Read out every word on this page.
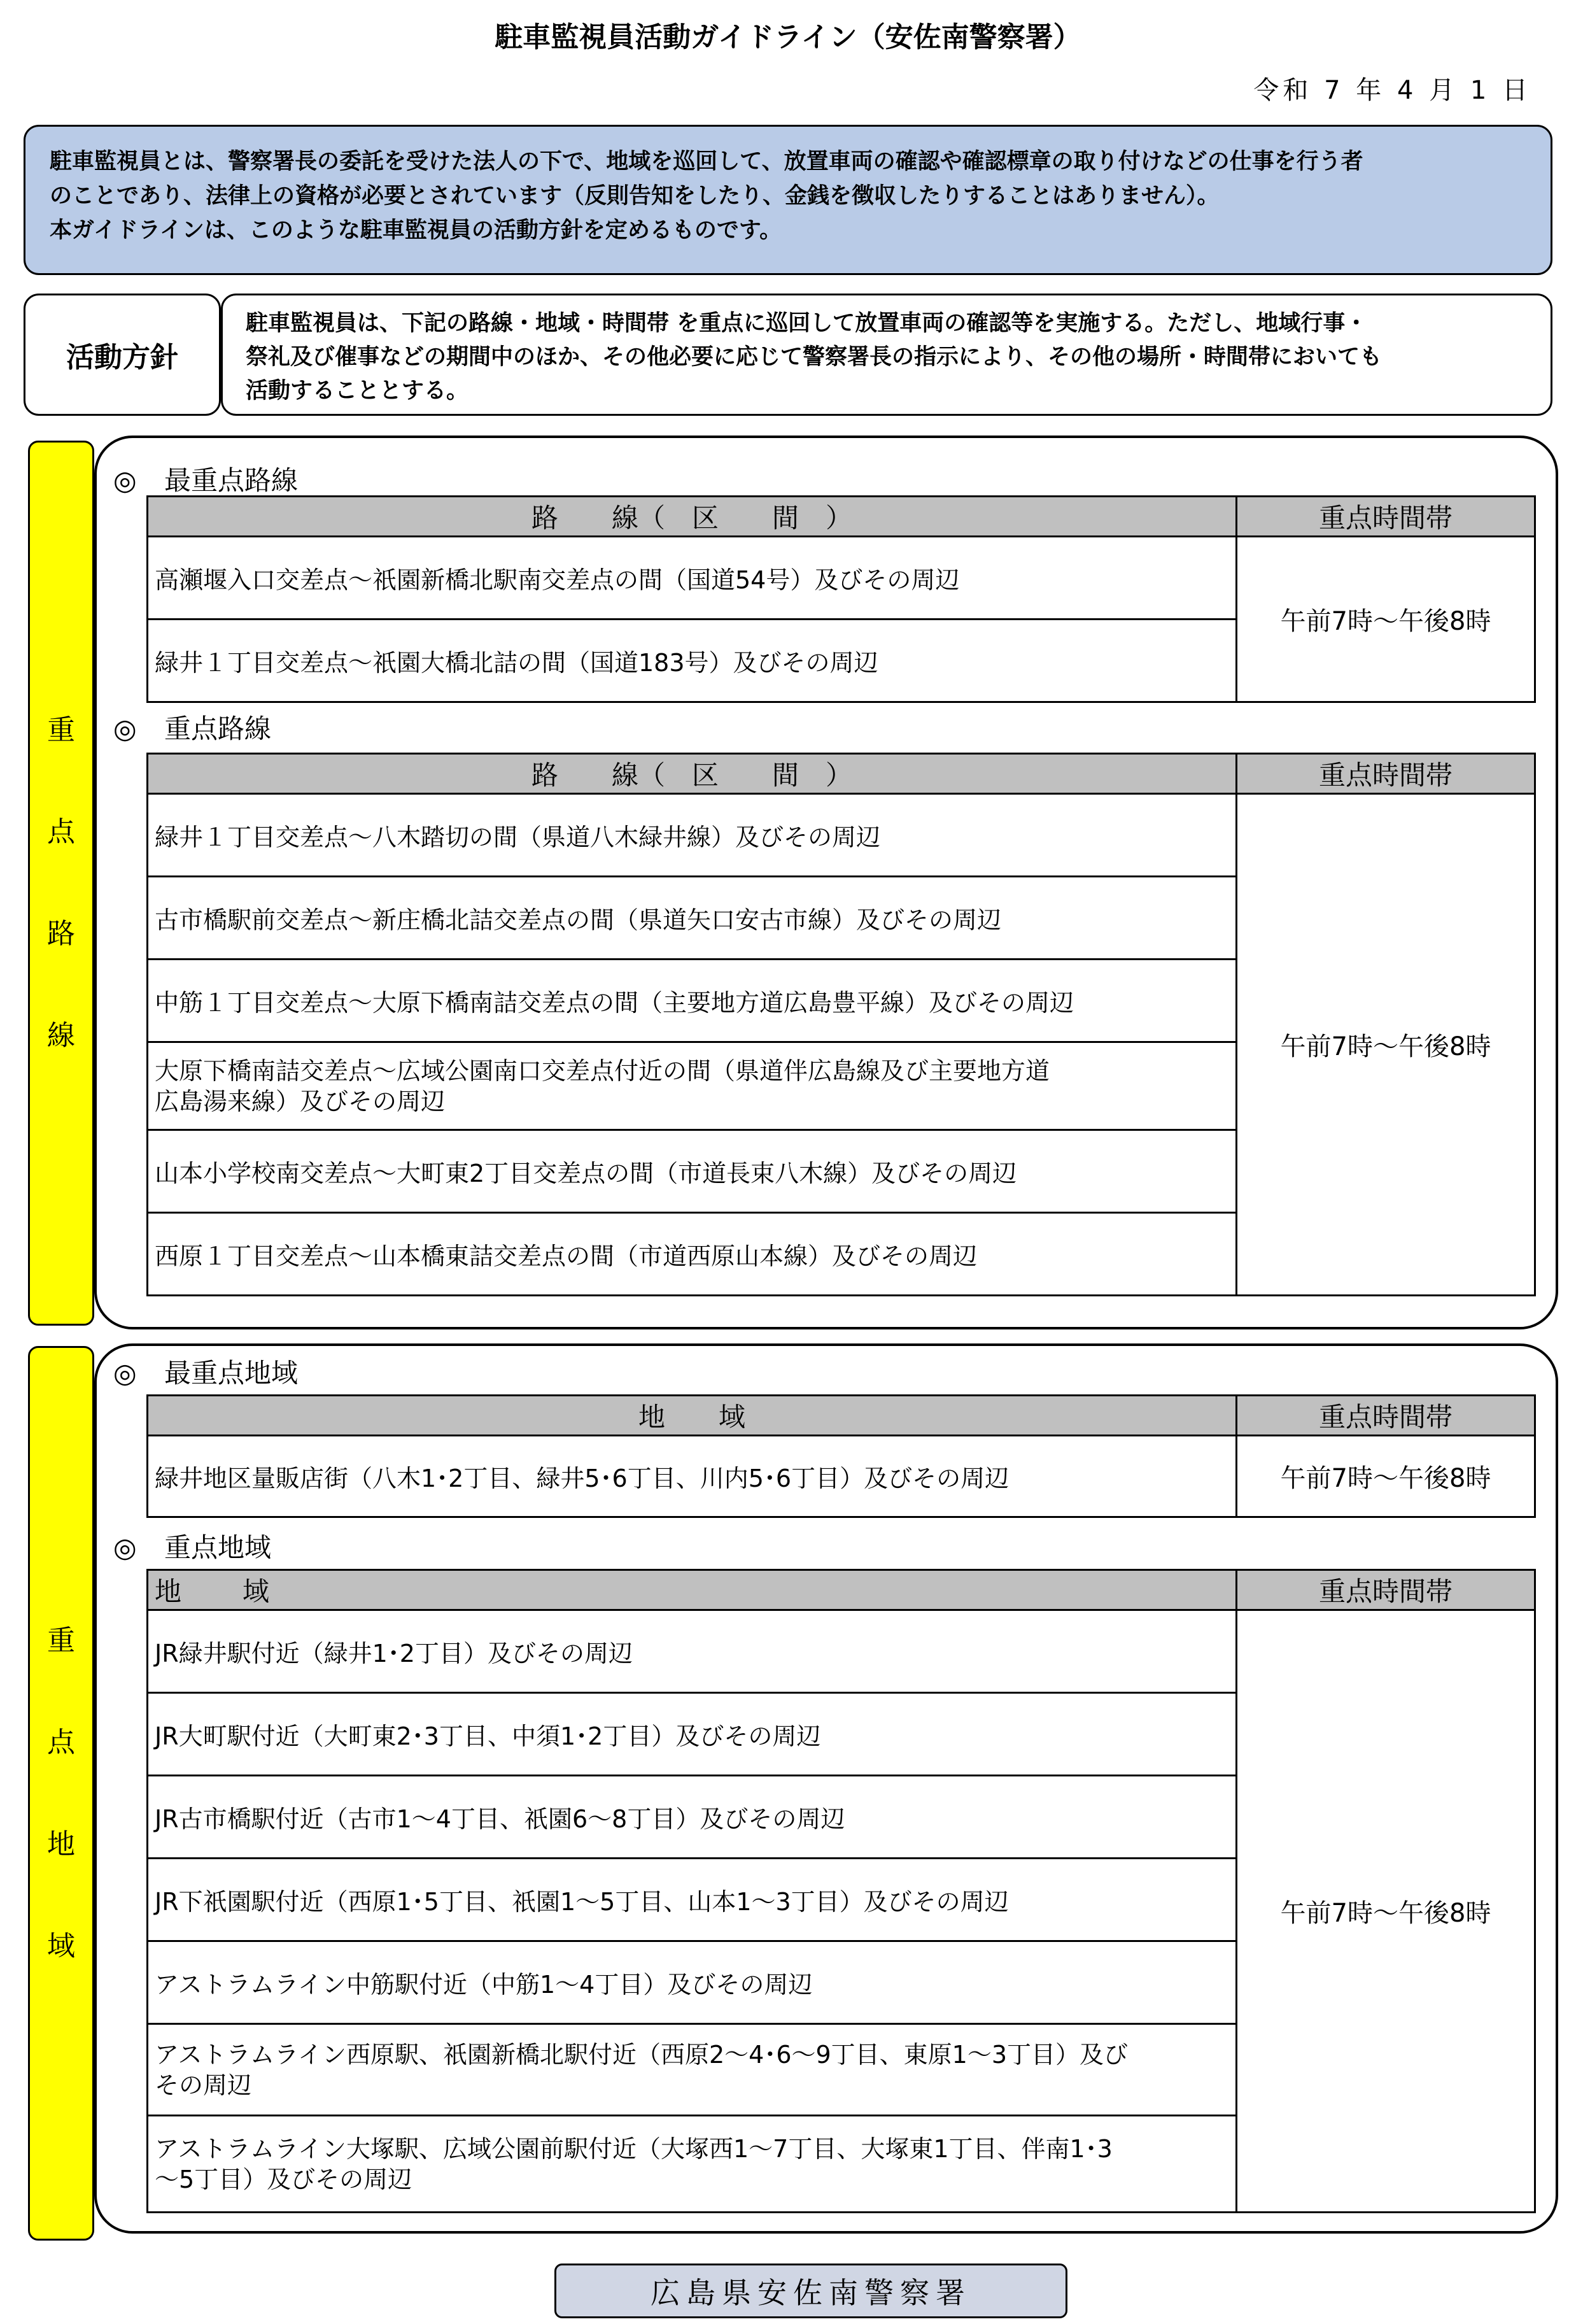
駐車監視員活動ガイドライン（安佐南警察署）
令和 7 年 4 月 1 日

駐車監視員とは、警察署長の委託を受けた法人の下で、地域を巡回して、放置車両の確認や確認標章の取り付けなどの仕事を行う者

のことであり、法律上の資格が必要とされています（反則告知をしたり、金銭を徴収したりすることはありません）。

本ガイドラインは、このような駐車監視員の活動方針を定めるものです。

活動方針
駐車監視員は、下記の路線・地域・時間帯 を重点に巡回して放置車両の確認等を実施する。ただし、地域行事・
祭礼及び催事などの期間中のほか、その他必要に応じて警察署長の指示により、その他の場所・時間帯においても
活動することとする。
重
点
路
線
◎ 最重点路線
路　　線（　区　　間　）	重点時間帯
高瀬堰入口交差点～祇園新橋北駅南交差点の間（国道54号）及びその周辺	午前7時～午後8時
緑井１丁目交差点～祇園大橋北詰の間（国道183号）及びその周辺	
◎ 重点路線
路　　線（　区　　間　）	重点時間帯
緑井１丁目交差点～八木踏切の間（県道八木緑井線）及びその周辺	午前7時～午後8時
古市橋駅前交差点～新庄橋北詰交差点の間（県道矢口安古市線）及びその周辺	
中筋１丁目交差点～大原下橋南詰交差点の間（主要地方道広島豊平線）及びその周辺	

大原下橋南詰交差点～広域公園南口交差点付近の間（県道伴広島線及び主要地方道
広島湯来線）及びその周辺	

山本小学校南交差点～大町東2丁目交差点の間（市道長束八木線）及びその周辺	
西原１丁目交差点～山本橋東詰交差点の間（市道西原山本線）及びその周辺	
重
点
地
域
◎ 最重点地域
地　　域	重点時間帯
緑井地区量販店街（八木1･2丁目、緑井5･6丁目、川内5･6丁目）及びその周辺	午前7時～午後8時
◎ 重点地域
地　　域	重点時間帯
JR緑井駅付近（緑井1･2丁目）及びその周辺	午前7時～午後8時
JR大町駅付近（大町東2･3丁目、中須1･2丁目）及びその周辺	
JR古市橋駅付近（古市1～4丁目、祇園6～8丁目）及びその周辺	
JR下祇園駅付近（西原1･5丁目、祇園1～5丁目、山本1～3丁目）及びその周辺	
アストラムライン中筋駅付近（中筋1～4丁目）及びその周辺	

アストラムライン西原駅、祇園新橋北駅付近（西原2～4･6～9丁目、東原1～3丁目）及び
その周辺	

アストラムライン大塚駅、広域公園前駅付近（大塚西1～7丁目、大塚東1丁目、伴南1･3
～5丁目）及びその周辺	
広島県安佐南警察署
